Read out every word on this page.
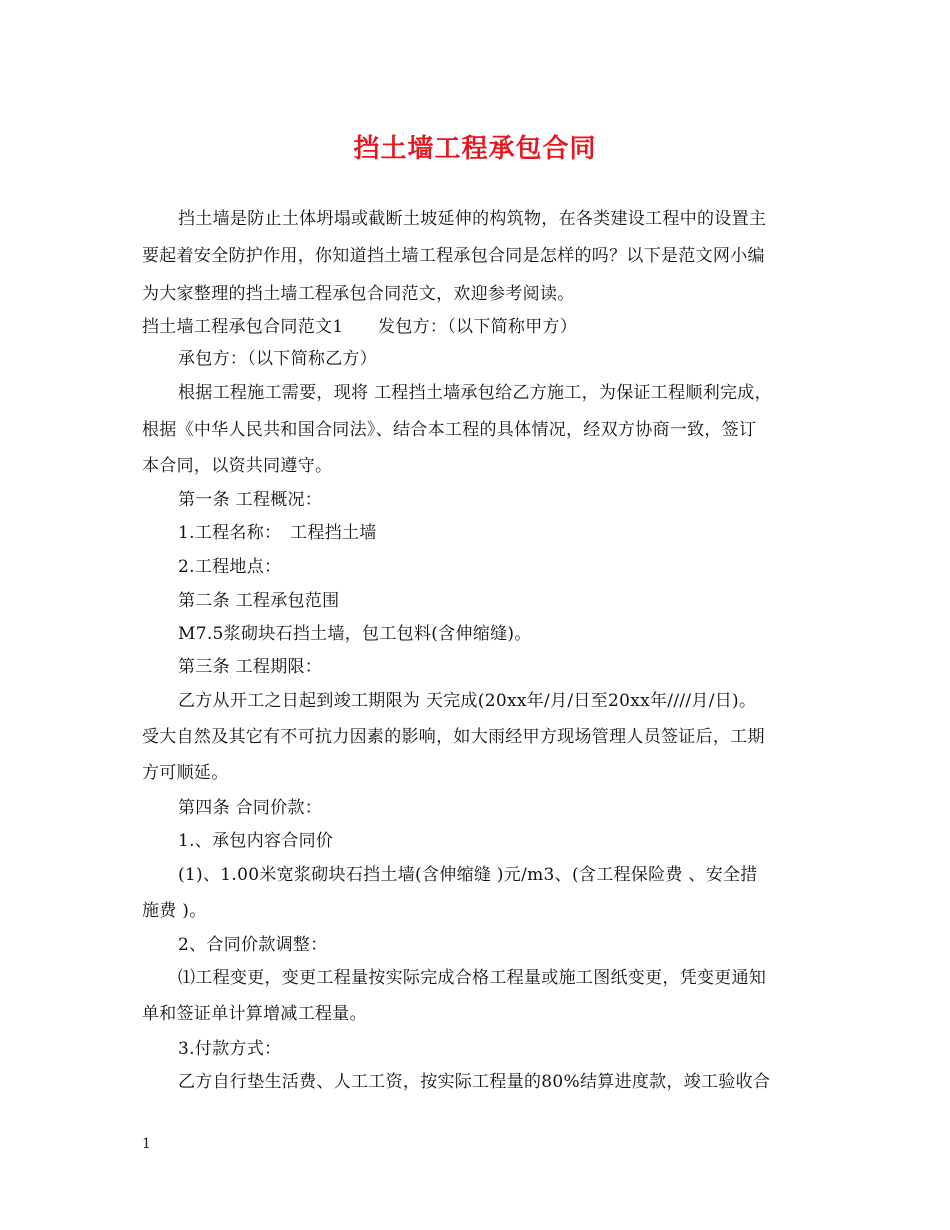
挡土墙工程承包合同
挡土墙是防止土体坍塌或截断土坡延伸的构筑物，在各类建设工程中的设置主
要起着安全防护作用，你知道挡土墙工程承包合同是怎样的吗？以下是范文网小编
为大家整理的挡土墙工程承包合同范文，欢迎参考阅读。
挡土墙工程承包合同范文1　　发包方：（以下简称甲方）
承包方：（以下简称乙方）
根据工程施工需要，现将 工程挡土墙承包给乙方施工，为保证工程顺利完成，
根据《中华人民共和国合同法》、结合本工程的具体情况，经双方协商一致，签订
本合同，以资共同遵守。
第一条 工程概况：
1.工程名称：　工程挡土墙
2.工程地点：
第二条 工程承包范围
M7.5浆砌块石挡土墙，包工包料(含伸缩缝)。
第三条 工程期限：
乙方从开工之日起到竣工期限为 天完成(20xx年/月/日至20xx年////月/日)。
受大自然及其它有不可抗力因素的影响，如大雨经甲方现场管理人员签证后，工期
方可顺延。
第四条 合同价款：
1.、承包内容合同价
(1)、1.00米宽浆砌块石挡土墙(含伸缩缝 )元/m3、(含工程保险费 、安全措
施费 )。
2、合同价款调整：
⑴工程变更，变更工程量按实际完成合格工程量或施工图纸变更，凭变更通知
单和签证单计算增减工程量。
3.付款方式：
乙方自行垫生活费、人工工资，按实际工程量的80%结算进度款，竣工验收合
1
